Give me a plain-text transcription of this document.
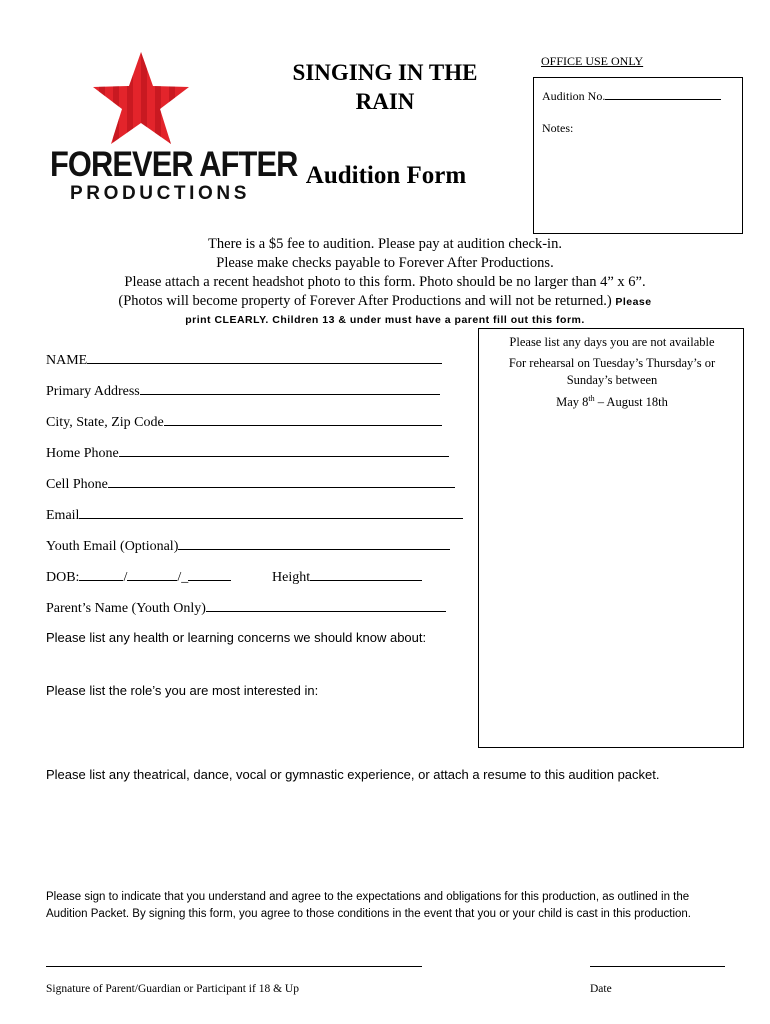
FOREVER AFTER
PRODUCTIONS
SINGING IN THE RAIN
Audition Form
OFFICE USE ONLY
Audition No.
Notes:
There is a $5 fee to audition. Please pay at audition check-in.
Please make checks payable to Forever After Productions.
Please attach a recent headshot photo to this form. Photo should be no larger than 4” x 6”.
(Photos will become property of Forever After Productions and will not be returned.) Please
print CLEARLY. Children 13 & under must have a parent fill out this form.
Please list any days you are not available
For rehearsal on Tuesday’s Thursday’s or
Sunday’s between
May 8th – August 18th
NAME
Primary Address
City, State, Zip Code
Home Phone
Cell Phone
Email
Youth Email (Optional)
DOB:	/	/_	Height
Parent’s Name (Youth Only)
Please list any health or learning concerns we should know about:
Please list the role’s you are most interested in:
Please list any theatrical, dance, vocal or gymnastic experience, or attach a resume to this audition packet.
Please sign to indicate that you understand and agree to the expectations and obligations for this production, as outlined in the Audition Packet. By signing this form, you agree to those conditions in the event that you or your child is cast in this production.
Signature of Parent/Guardian or Participant if 18 & Up	Date
